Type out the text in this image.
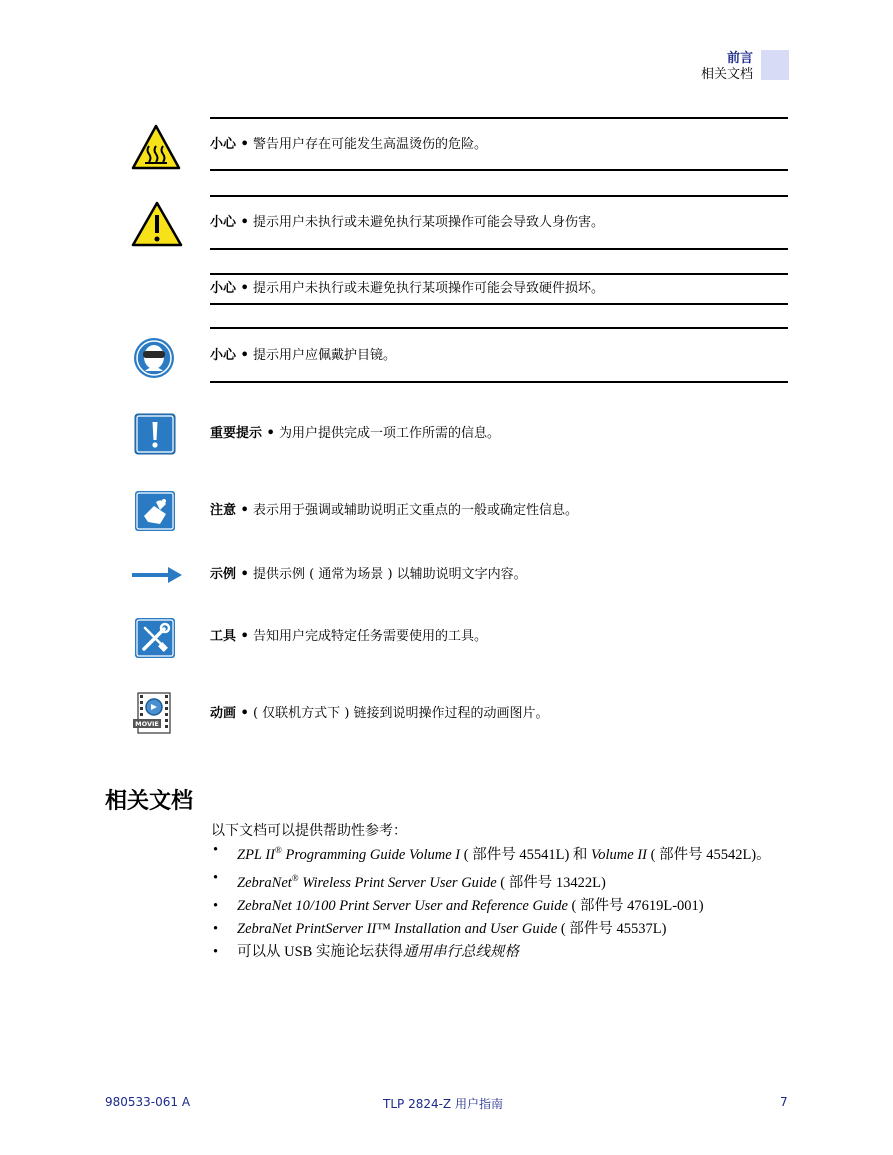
前言
相关文档
小心 • 警告用户存在可能发生高温烫伤的危险。
小心 • 提示用户未执行或未避免执行某项操作可能会导致人身伤害。
小心 • 提示用户未执行或未避免执行某项操作可能会导致硬件损坏。
小心 • 提示用户应佩戴护目镜。
重要提示 • 为用户提供完成一项工作所需的信息。
注意 • 表示用于强调或辅助说明正文重点的一般或确定性信息。
示例 • 提供示例 ( 通常为场景 ) 以辅助说明文字内容。
工具 • 告知用户完成特定任务需要使用的工具。
MOVIE
动画 • ( 仅联机方式下 ) 链接到说明操作过程的动画图片。
相关文档
以下文档可以提供帮助性参考：
• ZPL II® Programming Guide Volume I ( 部件号 45541L) 和 Volume II ( 部件号 45542L)。
• ZebraNet® Wireless Print Server User Guide ( 部件号 13422L)
• ZebraNet 10/100 Print Server User and Reference Guide ( 部件号 47619L-001)
• ZebraNet PrintServer II™ Installation and User Guide ( 部件号 45537L)
• 可以从 USB 实施论坛获得通用串行总线规格
980533-061 A	TLP 2824-Z 用户指南	7
